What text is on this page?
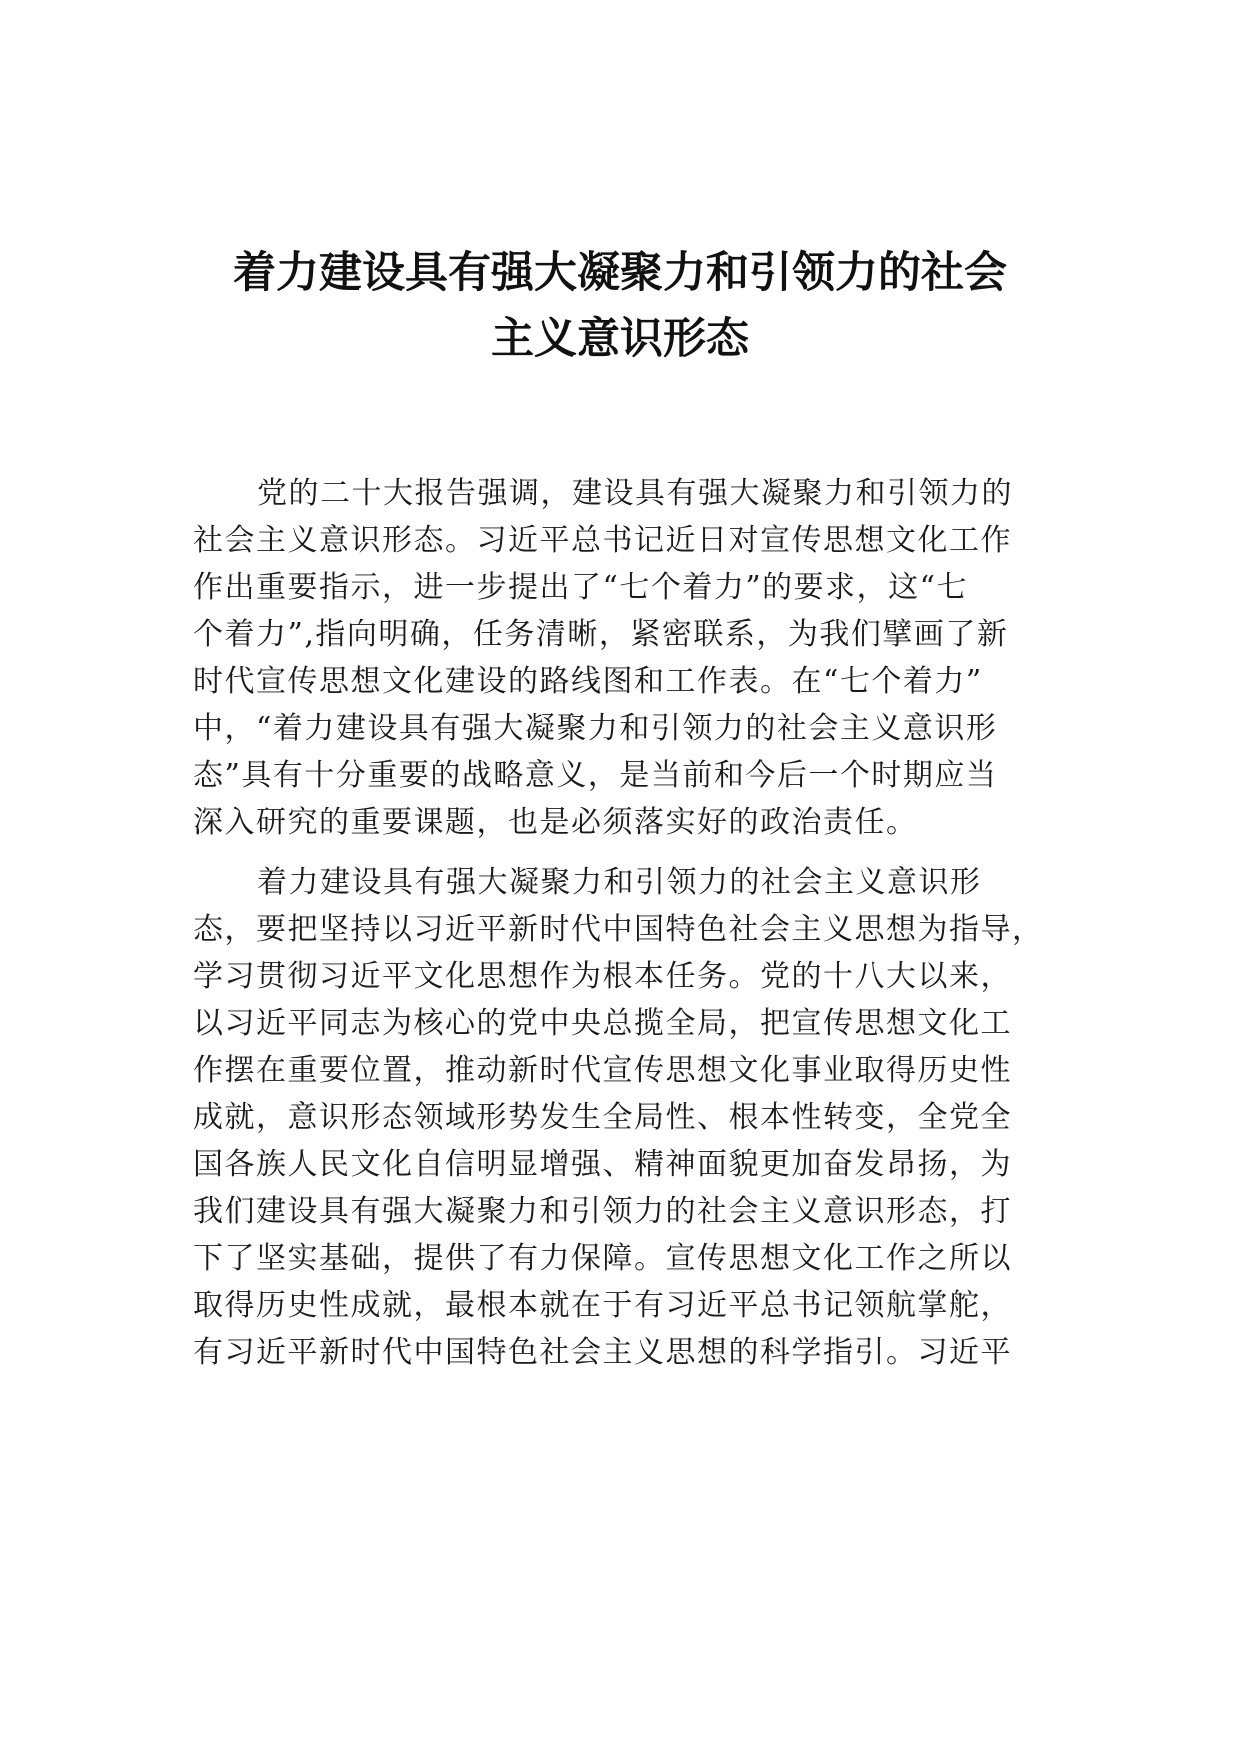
着力建设具有强大凝聚力和引领力的社会
主义意识形态
党的二十大报告强调，建设具有强大凝聚力和引领力的
社会主义意识形态。习近平总书记近日对宣传思想文化工作
作出重要指示，进一步提出了“七个着力”的要求，这“七
个着力”,指向明确，任务清晰，紧密联系，为我们擘画了新
时代宣传思想文化建设的路线图和工作表。在“七个着力”
中，“着力建设具有强大凝聚力和引领力的社会主义意识形
态”具有十分重要的战略意义，是当前和今后一个时期应当
深入研究的重要课题，也是必须落实好的政治责任。
着力建设具有强大凝聚力和引领力的社会主义意识形
态，要把坚持以习近平新时代中国特色社会主义思想为指导，
学习贯彻习近平文化思想作为根本任务。党的十八大以来，
以习近平同志为核心的党中央总揽全局，把宣传思想文化工
作摆在重要位置，推动新时代宣传思想文化事业取得历史性
成就，意识形态领域形势发生全局性、根本性转变，全党全
国各族人民文化自信明显增强、精神面貌更加奋发昂扬，为
我们建设具有强大凝聚力和引领力的社会主义意识形态，打
下了坚实基础，提供了有力保障。宣传思想文化工作之所以
取得历史性成就，最根本就在于有习近平总书记领航掌舵，
有习近平新时代中国特色社会主义思想的科学指引。习近平
